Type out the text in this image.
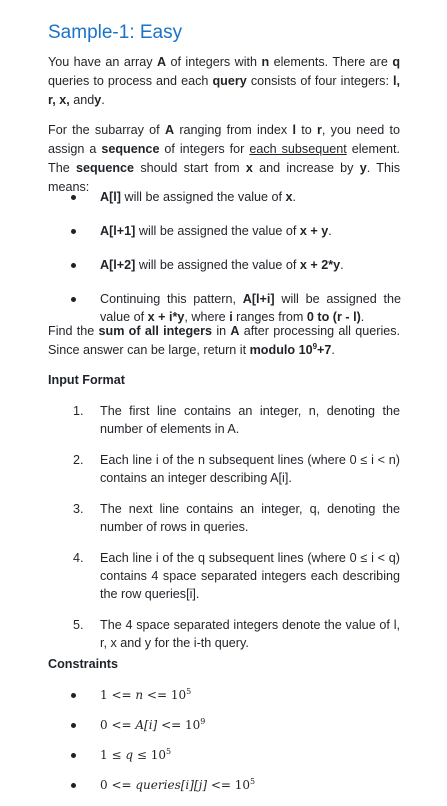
Sample-1: Easy

You have an array A of integers with n elements. There are q queries to process and each query consists of four integers: l, r, x, andy.

For the subarray of A ranging from index l to r, you need to assign a sequence of integers for each subsequent element. The sequence should start from x and increase by y. This means:

A[l] will be assigned the value of x.
A[l+1] will be assigned the value of x + y.
A[l+2] will be assigned the value of x + 2*y.
Continuing this pattern, A[l+i] will be assigned the value of x + i*y, where i ranges from 0 to (r - l).

Find the sum of all integers in A after processing all queries. Since answer can be large, return it modulo $10^9+7$.

Input Format
1. The first line contains an integer, n, denoting the number of elements in A.
2. Each line i of the n subsequent lines (where 0 ≤ i < n) contains an integer describing A[i].
3. The next line contains an integer, q, denoting the number of rows in queries.
4. Each line i of the q subsequent lines (where 0 ≤ i < q) contains 4 space separated integers each describing the row queries[i].
5. The 4 space separated integers denote the value of l, r, x and y for the i-th query.
Constraints
$1 <= n <= 10^5$
$0 <= A[i] <= 10^9$
$1 \le q \le 10^5$
0 <= queries[i][j] <= $10^5$
